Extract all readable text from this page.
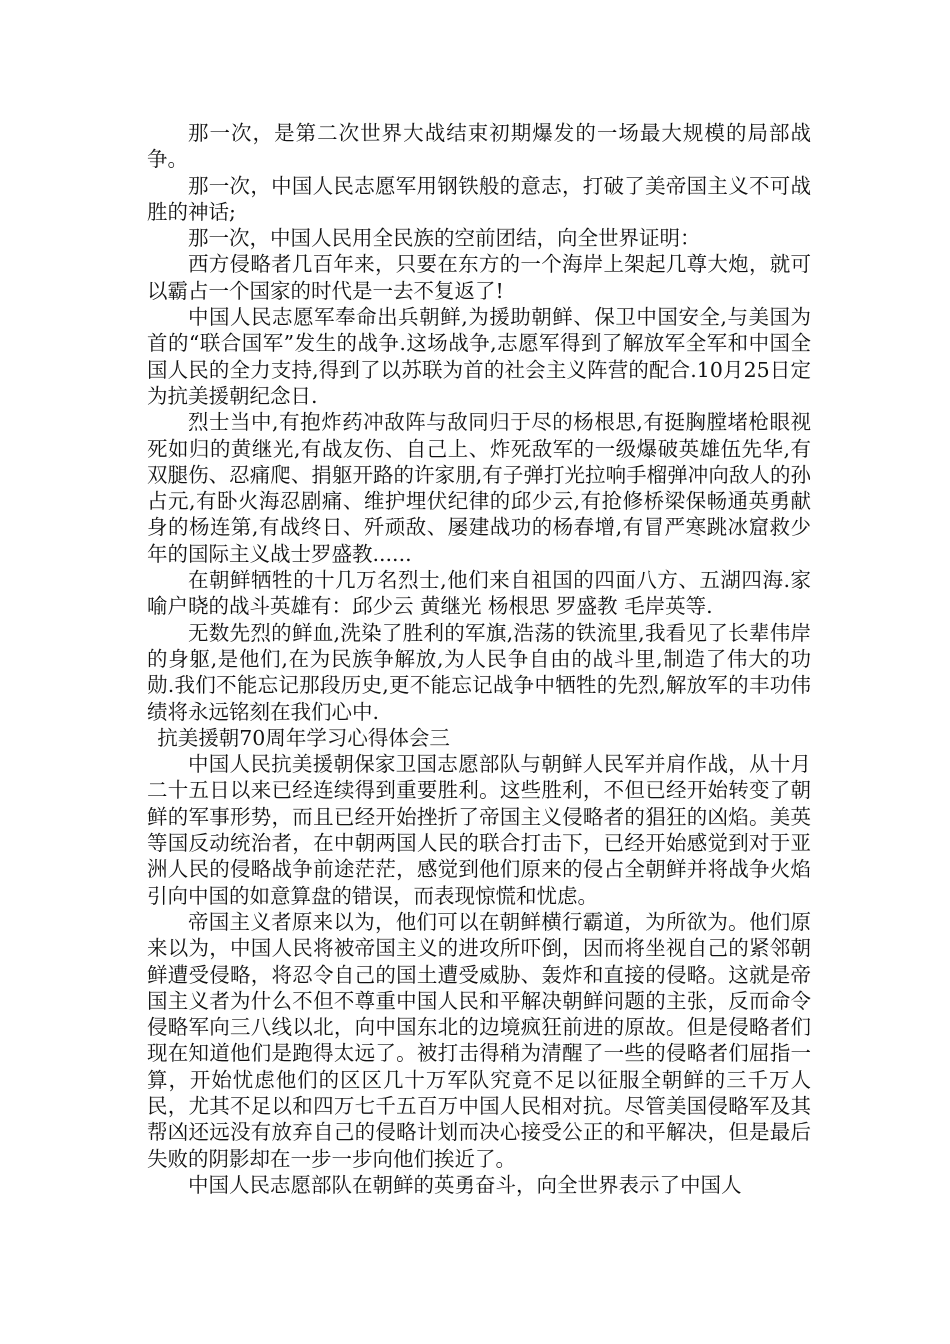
那一次，是第二次世界大战结束初期爆发的一场最大规模的局部战争。

那一次，中国人民志愿军用钢铁般的意志，打破了美帝国主义不可战胜的神话;

那一次，中国人民用全民族的空前团结，向全世界证明：

西方侵略者几百年来，只要在东方的一个海岸上架起几尊大炮，就可以霸占一个国家的时代是一去不复返了!

中国人民志愿军奉命出兵朝鲜,为援助朝鲜、保卫中国安全,与美国为首的“联合国军”发生的战争.这场战争,志愿军得到了解放军全军和中国全国人民的全力支持,得到了以苏联为首的社会主义阵营的配合.10月25日定为抗美援朝纪念日.

烈士当中,有抱炸药冲敌阵与敌同归于尽的杨根思,有挺胸膛堵枪眼视死如归的黄继光,有战友伤、自己上、炸死敌军的一级爆破英雄伍先华,有双腿伤、忍痛爬、捐躯开路的许家朋,有子弹打光拉响手榴弹冲向敌人的孙占元,有卧火海忍剧痛、维护埋伏纪律的邱少云,有抢修桥梁保畅通英勇献身的杨连第,有战终日、歼顽敌、屡建战功的杨春增,有冒严寒跳冰窟救少年的国际主义战士罗盛教......

在朝鲜牺牲的十几万名烈士,他们来自祖国的四面八方、五湖四海.家喻户晓的战斗英雄有：邱少云 黄继光 杨根思 罗盛教 毛岸英等.

无数先烈的鲜血,洗染了胜利的军旗,浩荡的铁流里,我看见了长辈伟岸的身躯,是他们,在为民族争解放,为人民争自由的战斗里,制造了伟大的功勋.我们不能忘记那段历史,更不能忘记战争中牺牲的先烈,解放军的丰功伟绩将永远铭刻在我们心中.

抗美援朝70周年学习心得体会三

中国人民抗美援朝保家卫国志愿部队与朝鲜人民军并肩作战，从十月二十五日以来已经连续得到重要胜利。这些胜利，不但已经开始转变了朝鲜的军事形势，而且已经开始挫折了帝国主义侵略者的猖狂的凶焰。美英等国反动统治者，在中朝两国人民的联合打击下，已经开始感觉到对于亚洲人民的侵略战争前途茫茫，感觉到他们原来的侵占全朝鲜并将战争火焰引向中国的如意算盘的错误，而表现惊慌和忧虑。

帝国主义者原来以为，他们可以在朝鲜横行霸道，为所欲为。他们原来以为，中国人民将被帝国主义的进攻所吓倒，因而将坐视自己的紧邻朝鲜遭受侵略，将忍令自己的国土遭受威胁、轰炸和直接的侵略。这就是帝国主义者为什么不但不尊重中国人民和平解决朝鲜问题的主张，反而命令侵略军向三八线以北，向中国东北的边境疯狂前进的原故。但是侵略者们现在知道他们是跑得太远了。被打击得稍为清醒了一些的侵略者们屈指一算，开始忧虑他们的区区几十万军队究竟不足以征服全朝鲜的三千万人民，尤其不足以和四万七千五百万中国人民相对抗。尽管美国侵略军及其帮凶还远没有放弃自己的侵略计划而决心接受公正的和平解决，但是最后失败的阴影却在一步一步向他们挨近了。

中国人民志愿部队在朝鲜的英勇奋斗，向全世界表示了中国人
